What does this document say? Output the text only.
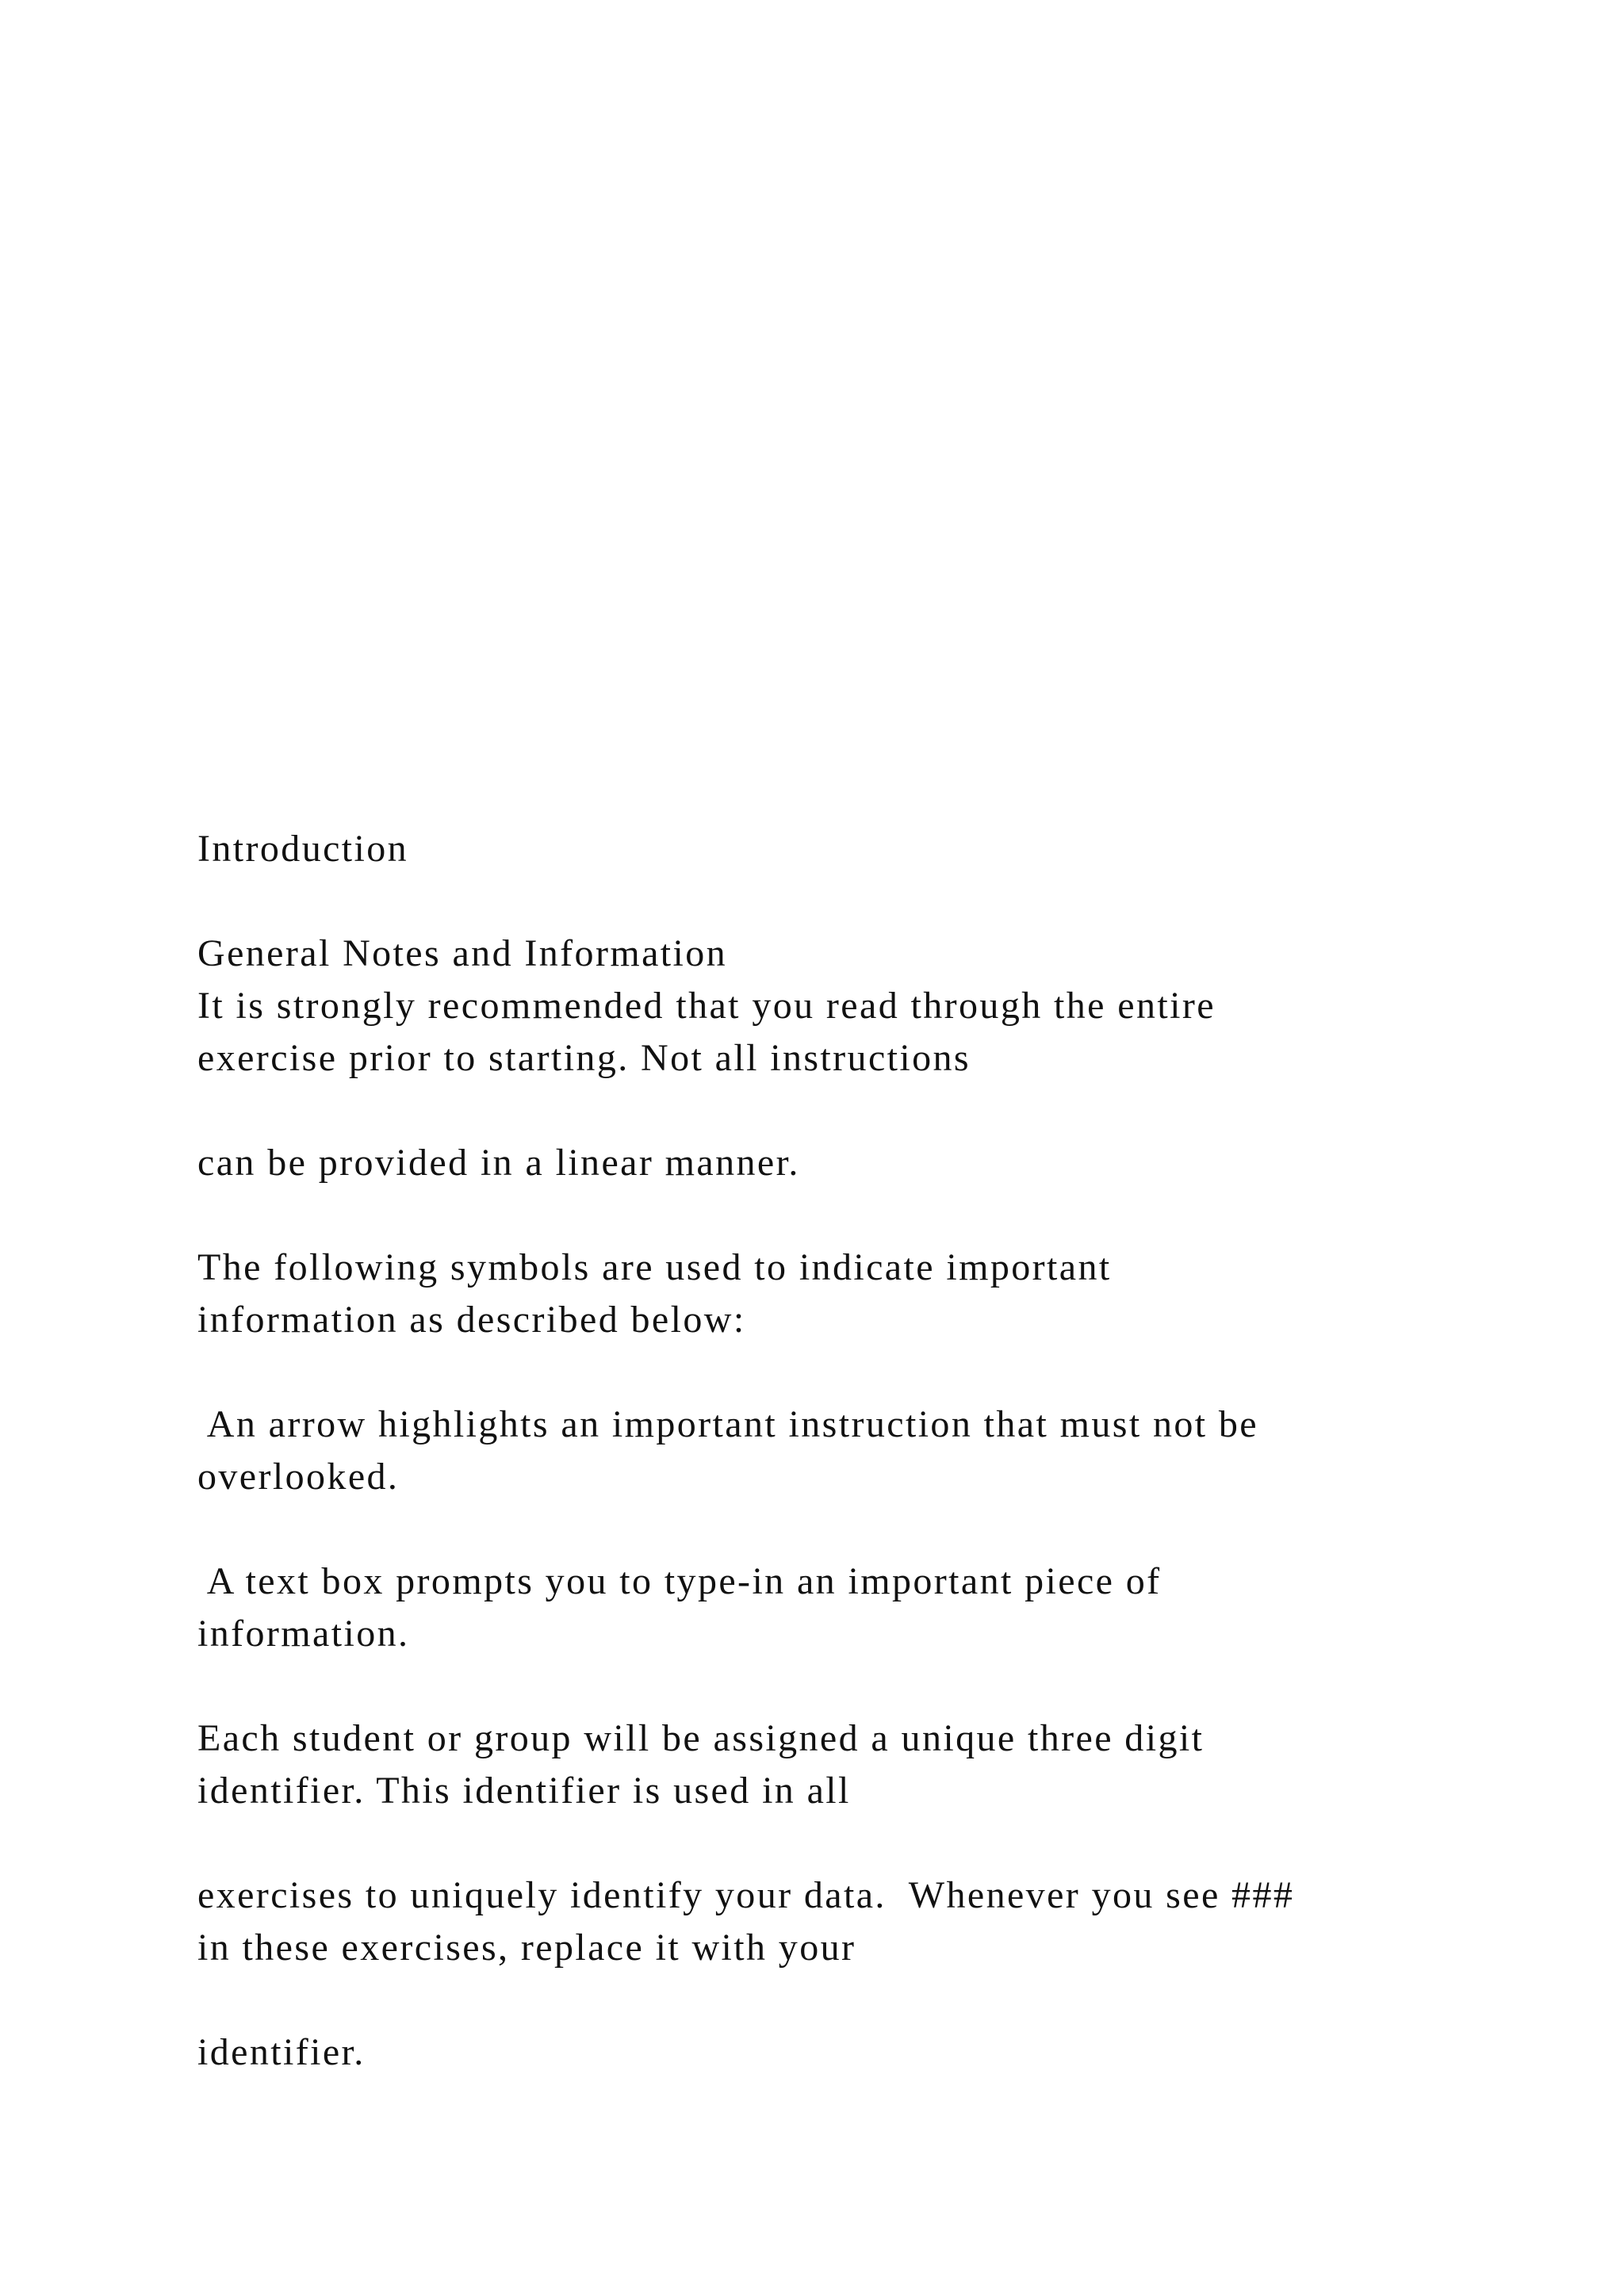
Introduction

General Notes and Information

It is strongly recommended that you read through the entire

exercise prior to starting. Not all instructions

can be provided in a linear manner.

The following symbols are used to indicate important

information as described below:

An arrow highlights an important instruction that must not be

overlooked.

A text box prompts you to type-in an important piece of

information.

Each student or group will be assigned a unique three digit

identifier. This identifier is used in all

exercises to uniquely identify your data.  Whenever you see ###

in these exercises, replace it with your

identifier.
